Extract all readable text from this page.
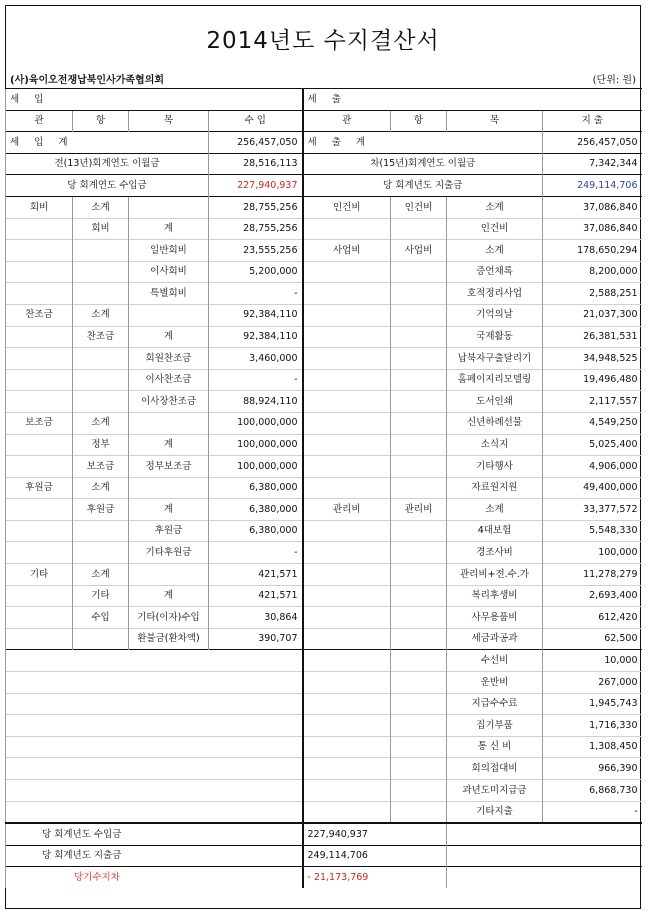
2014년도 수지결산서
(사)육이오전쟁납북인사가족협의회	(단위: 원)
세 입				세 출			
관	항	목	수 입	관	항	목	지 출
세 입 계			256,457,050	세 출 계			256,457,050
전(13년)회계연도 이월금			28,516,113	차(15년)회계연도 이월금			7,342,344
당 회계연도 수입금			227,940,937	당 회계년도 지출금			249,114,706
회비	소계		28,755,256	인건비	인건비	소계	37,086,840
	회비	계	28,755,256			인건비	37,086,840
		일반회비	23,555,256	사업비	사업비	소계	178,650,294
		이사회비	5,200,000			증언채록	8,200,000
		특별회비	-			호적정리사업	2,588,251
찬조금	소계		92,384,110			기억의날	21,037,300
	찬조금	계	92,384,110			국제활동	26,381,531
		회원찬조금	3,460,000			납북자구출달리기	34,948,525
		이사찬조금	-			홈페이지리모델링	19,496,480
		이사장찬조금	88,924,110			도서인쇄	2,117,557
보조금	소계		100,000,000			신년하례선물	4,549,250
	정부	계	100,000,000			소식지	5,025,400
	보조금	정부보조금	100,000,000			기타행사	4,906,000
후원금	소계		6,380,000			자료원지원	49,400,000
	후원금	계	6,380,000	관리비	관리비	소계	33,377,572
		후원금	6,380,000			4대보험	5,548,330
		기타후원금	-			경조사비	100,000
기타	소계		421,571			관리비+전.수.가	11,278,279
	기타	계	421,571			복리후생비	2,693,400
	수입	기타(이자)수입	30,864			사무용품비	612,420
		환불금(환차액)	390,707			세금과공과	62,500
						수선비	10,000
						운반비	267,000
						지급수수료	1,945,743
						집기부품	1,716,330
						통 신 비	1,308,450
						회의접대비	966,390
						과년도미지급금	6,868,730
						기타지출	-
당 회계년도 수입금				227,940,937			
당 회계년도 지출금				249,114,706			
당기수지차				- 21,173,769			
